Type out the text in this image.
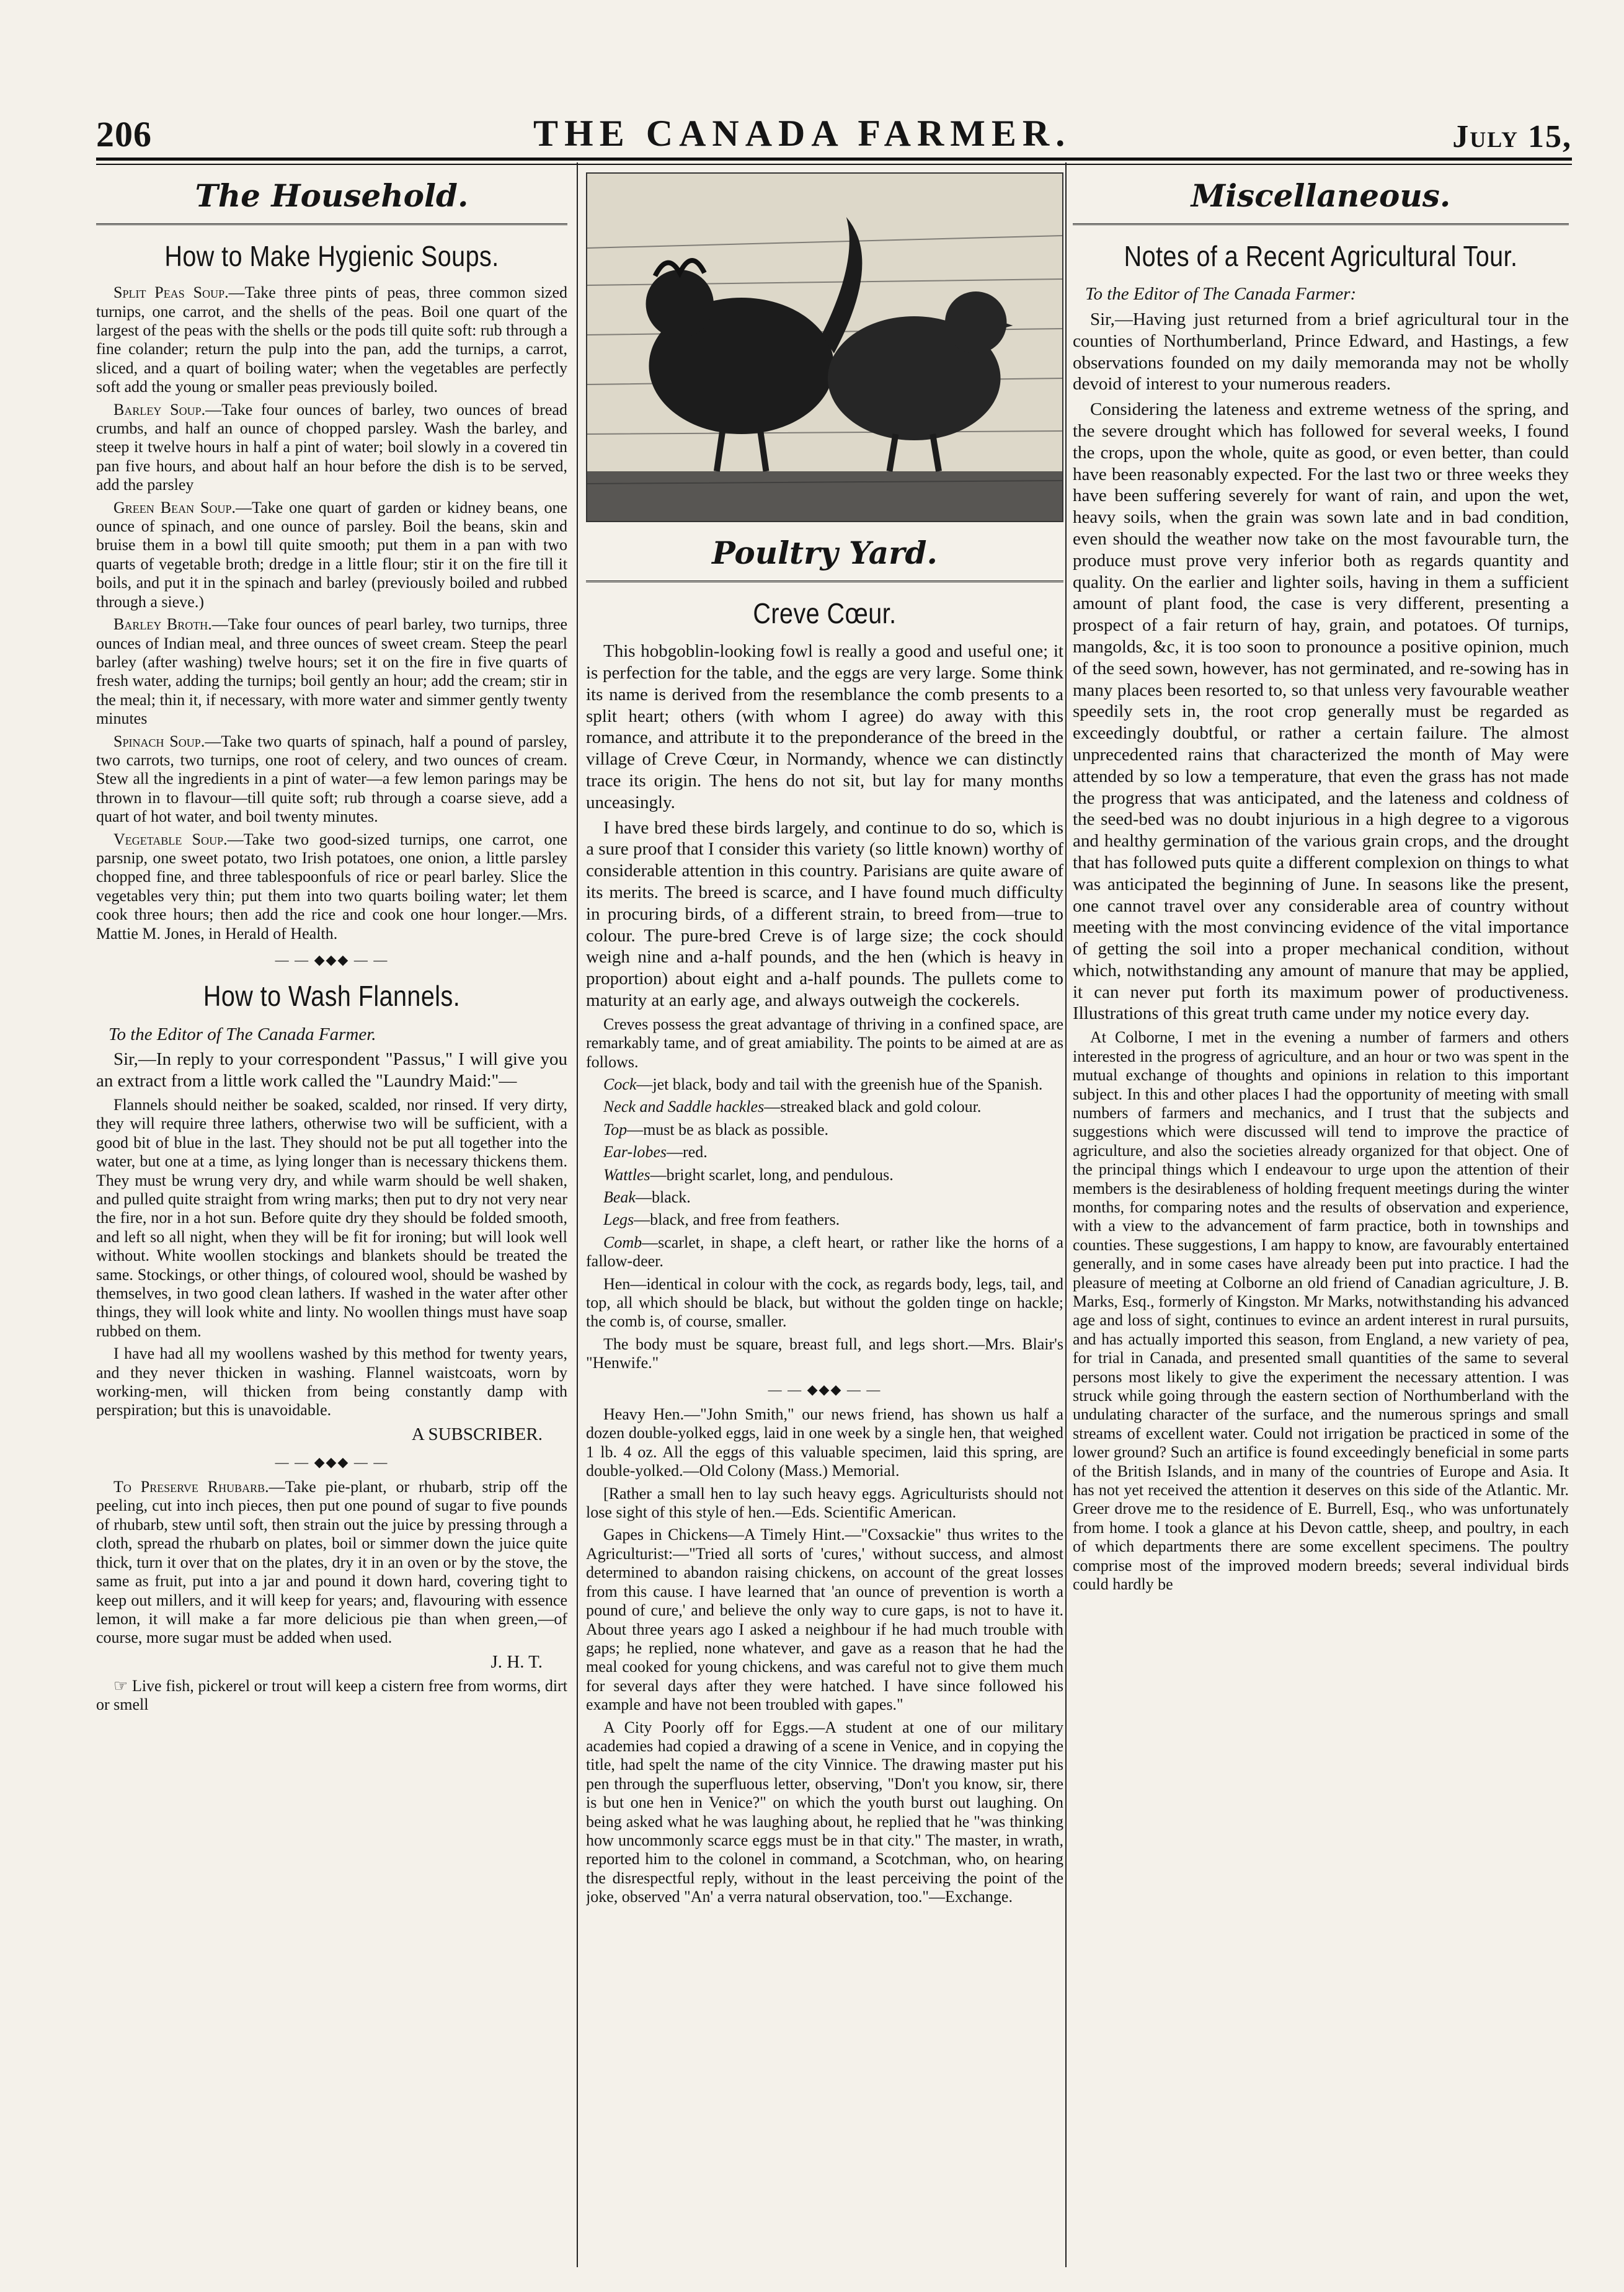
206	THE CANADA FARMER.	July 15,
The Household.
How to Make Hygienic Soups.

Split Peas Soup.—Take three pints of peas, three common sized turnips, one carrot, and the shells of the peas. Boil one quart of the largest of the peas with the shells or the pods till quite soft: rub through a fine colander; return the pulp into the pan, add the turnips, a carrot, sliced, and a quart of boiling water; when the vegetables are perfectly soft add the young or smaller peas previously boiled.

Barley Soup.—Take four ounces of barley, two ounces of bread crumbs, and half an ounce of chopped parsley. Wash the barley, and steep it twelve hours in half a pint of water; boil slowly in a covered tin pan five hours, and about half an hour before the dish is to be served, add the parsley

Green Bean Soup.—Take one quart of garden or kidney beans, one ounce of spinach, and one ounce of parsley. Boil the beans, skin and bruise them in a bowl till quite smooth; put them in a pan with two quarts of vegetable broth; dredge in a little flour; stir it on the fire till it boils, and put it in the spinach and barley (previously boiled and rubbed through a sieve.)

Barley Broth.—Take four ounces of pearl barley, two turnips, three ounces of Indian meal, and three ounces of sweet cream. Steep the pearl barley (after washing) twelve hours; set it on the fire in five quarts of fresh water, adding the turnips; boil gently an hour; add the cream; stir in the meal; thin it, if necessary, with more water and simmer gently twenty minutes

Spinach Soup.—Take two quarts of spinach, half a pound of parsley, two carrots, two turnips, one root of celery, and two ounces of cream. Stew all the ingredients in a pint of water—a few lemon parings may be thrown in to flavour—till quite soft; rub through a coarse sieve, add a quart of hot water, and boil twenty minutes.

Vegetable Soup.—Take two good-sized turnips, one carrot, one parsnip, one sweet potato, two Irish potatoes, one onion, a little parsley chopped fine, and three tablespoonfuls of rice or pearl barley. Slice the vegetables very thin; put them into two quarts boiling water; let them cook three hours; then add the rice and cook one hour longer.—Mrs. Mattie M. Jones, in Herald of Health.

— — ◆◆◆ — —
How to Wash Flannels.

To the Editor of The Canada Farmer.

Sir,—In reply to your correspondent "Passus," I will give you an extract from a little work called the "Laundry Maid:"—

Flannels should neither be soaked, scalded, nor rinsed. If very dirty, they will require three lathers, otherwise two will be sufficient, with a good bit of blue in the last. They should not be put all together into the water, but one at a time, as lying longer than is necessary thickens them. They must be wrung very dry, and while warm should be well shaken, and pulled quite straight from wring marks; then put to dry not very near the fire, nor in a hot sun. Before quite dry they should be folded smooth, and left so all night, when they will be fit for ironing; but will look well without. White woollen stockings and blankets should be treated the same. Stockings, or other things, of coloured wool, should be washed by themselves, in two good clean lathers. If washed in the water after other things, they will look white and linty. No woollen things must have soap rubbed on them.

I have had all my woollens washed by this method for twenty years, and they never thicken in washing. Flannel waistcoats, worn by working-men, will thicken from being constantly damp with perspiration; but this is unavoidable.

A SUBSCRIBER.

— — ◆◆◆ — —

To Preserve Rhubarb.—Take pie-plant, or rhubarb, strip off the peeling, cut into inch pieces, then put one pound of sugar to five pounds of rhubarb, stew until soft, then strain out the juice by pressing through a cloth, spread the rhubarb on plates, boil or simmer down the juice quite thick, turn it over that on the plates, dry it in an oven or by the stove, the same as fruit, put into a jar and pound it down hard, covering tight to keep out millers, and it will keep for years; and, flavouring with essence lemon, it will make a far more delicious pie than when green,—of course, more sugar must be added when used.

J. H. T.

☞ Live fish, pickerel or trout will keep a cistern free from worms, dirt or smell

Poultry Yard.
Creve Cœur.

This hobgoblin-looking fowl is really a good and useful one; it is perfection for the table, and the eggs are very large. Some think its name is derived from the resemblance the comb presents to a split heart; others (with whom I agree) do away with this romance, and attribute it to the preponderance of the breed in the village of Creve Cœur, in Normandy, whence we can distinctly trace its origin. The hens do not sit, but lay for many months unceasingly.

I have bred these birds largely, and continue to do so, which is a sure proof that I consider this variety (so little known) worthy of considerable attention in this country. Parisians are quite aware of its merits. The breed is scarce, and I have found much difficulty in procuring birds, of a different strain, to breed from—true to colour. The pure-bred Creve is of large size; the cock should weigh nine and a-half pounds, and the hen (which is heavy in proportion) about eight and a-half pounds. The pullets come to maturity at an early age, and always outweigh the cockerels.

Creves possess the great advantage of thriving in a confined space, are remarkably tame, and of great amiability. The points to be aimed at are as follows.

Cock—jet black, body and tail with the greenish hue of the Spanish.

Neck and Saddle hackles—streaked black and gold colour.

Top—must be as black as possible.

Ear-lobes—red.

Wattles—bright scarlet, long, and pendulous.

Beak—black.

Legs—black, and free from feathers.

Comb—scarlet, in shape, a cleft heart, or rather like the horns of a fallow-deer.

Hen—identical in colour with the cock, as regards body, legs, tail, and top, all which should be black, but without the golden tinge on hackle; the comb is, of course, smaller.

The body must be square, breast full, and legs short.—Mrs. Blair's "Henwife."

— — ◆◆◆ — —

Heavy Hen.—"John Smith," our news friend, has shown us half a dozen double-yolked eggs, laid in one week by a single hen, that weighed 1 lb. 4 oz. All the eggs of this valuable specimen, laid this spring, are double-yolked.—Old Colony (Mass.) Memorial.

[Rather a small hen to lay such heavy eggs. Agriculturists should not lose sight of this style of hen.—Eds. Scientific American.

Gapes in Chickens—A Timely Hint.—"Coxsackie" thus writes to the Agriculturist:—"Tried all sorts of 'cures,' without success, and almost determined to abandon raising chickens, on account of the great losses from this cause. I have learned that 'an ounce of prevention is worth a pound of cure,' and believe the only way to cure gaps, is not to have it. About three years ago I asked a neighbour if he had much trouble with gaps; he replied, none whatever, and gave as a reason that he had the meal cooked for young chickens, and was careful not to give them much for several days after they were hatched. I have since followed his example and have not been troubled with gapes."

A City Poorly off for Eggs.—A student at one of our military academies had copied a drawing of a scene in Venice, and in copying the title, had spelt the name of the city Vinnice. The drawing master put his pen through the superfluous letter, observing, "Don't you know, sir, there is but one hen in Venice?" on which the youth burst out laughing. On being asked what he was laughing about, he replied that he "was thinking how uncommonly scarce eggs must be in that city." The master, in wrath, reported him to the colonel in command, a Scotchman, who, on hearing the disrespectful reply, without in the least perceiving the point of the joke, observed "An' a verra natural observation, too."—Exchange.

Miscellaneous.
Notes of a Recent Agricultural Tour.

To the Editor of The Canada Farmer:

Sir,—Having just returned from a brief agricultural tour in the counties of Northumberland, Prince Edward, and Hastings, a few observations founded on my daily memoranda may not be wholly devoid of interest to your numerous readers.

Considering the lateness and extreme wetness of the spring, and the severe drought which has followed for several weeks, I found the crops, upon the whole, quite as good, or even better, than could have been reasonably expected. For the last two or three weeks they have been suffering severely for want of rain, and upon the wet, heavy soils, when the grain was sown late and in bad condition, even should the weather now take on the most favourable turn, the produce must prove very inferior both as regards quantity and quality. On the earlier and lighter soils, having in them a sufficient amount of plant food, the case is very different, presenting a prospect of a fair return of hay, grain, and potatoes. Of turnips, mangolds, &c, it is too soon to pronounce a positive opinion, much of the seed sown, however, has not germinated, and re-sowing has in many places been resorted to, so that unless very favourable weather speedily sets in, the root crop generally must be regarded as exceedingly doubtful, or rather a certain failure. The almost unprecedented rains that characterized the month of May were attended by so low a temperature, that even the grass has not made the progress that was anticipated, and the lateness and coldness of the seed-bed was no doubt injurious in a high degree to a vigorous and healthy germination of the various grain crops, and the drought that has followed puts quite a different complexion on things to what was anticipated the beginning of June. In seasons like the present, one cannot travel over any considerable area of country without meeting with the most convincing evidence of the vital importance of getting the soil into a proper mechanical condition, without which, notwithstanding any amount of manure that may be applied, it can never put forth its maximum power of productiveness. Illustrations of this great truth came under my notice every day.

At Colborne, I met in the evening a number of farmers and others interested in the progress of agriculture, and an hour or two was spent in the mutual exchange of thoughts and opinions in relation to this important subject. In this and other places I had the opportunity of meeting with small numbers of farmers and mechanics, and I trust that the subjects and suggestions which were discussed will tend to improve the practice of agriculture, and also the societies already organized for that object. One of the principal things which I endeavour to urge upon the attention of their members is the desirableness of holding frequent meetings during the winter months, for comparing notes and the results of observation and experience, with a view to the advancement of farm practice, both in townships and counties. These suggestions, I am happy to know, are favourably entertained generally, and in some cases have already been put into practice. I had the pleasure of meeting at Colborne an old friend of Canadian agriculture, J. B. Marks, Esq., formerly of Kingston. Mr Marks, notwithstanding his advanced age and loss of sight, continues to evince an ardent interest in rural pursuits, and has actually imported this season, from England, a new variety of pea, for trial in Canada, and presented small quantities of the same to several persons most likely to give the experiment the necessary attention. I was struck while going through the eastern section of Northumberland with the undulating character of the surface, and the numerous springs and small streams of excellent water. Could not irrigation be practiced in some of the lower ground? Such an artifice is found exceedingly beneficial in some parts of the British Islands, and in many of the countries of Europe and Asia. It has not yet received the attention it deserves on this side of the Atlantic. Mr. Greer drove me to the residence of E. Burrell, Esq., who was unfortunately from home. I took a glance at his Devon cattle, sheep, and poultry, in each of which departments there are some excellent specimens. The poultry comprise most of the improved modern breeds; several individual birds could hardly be
